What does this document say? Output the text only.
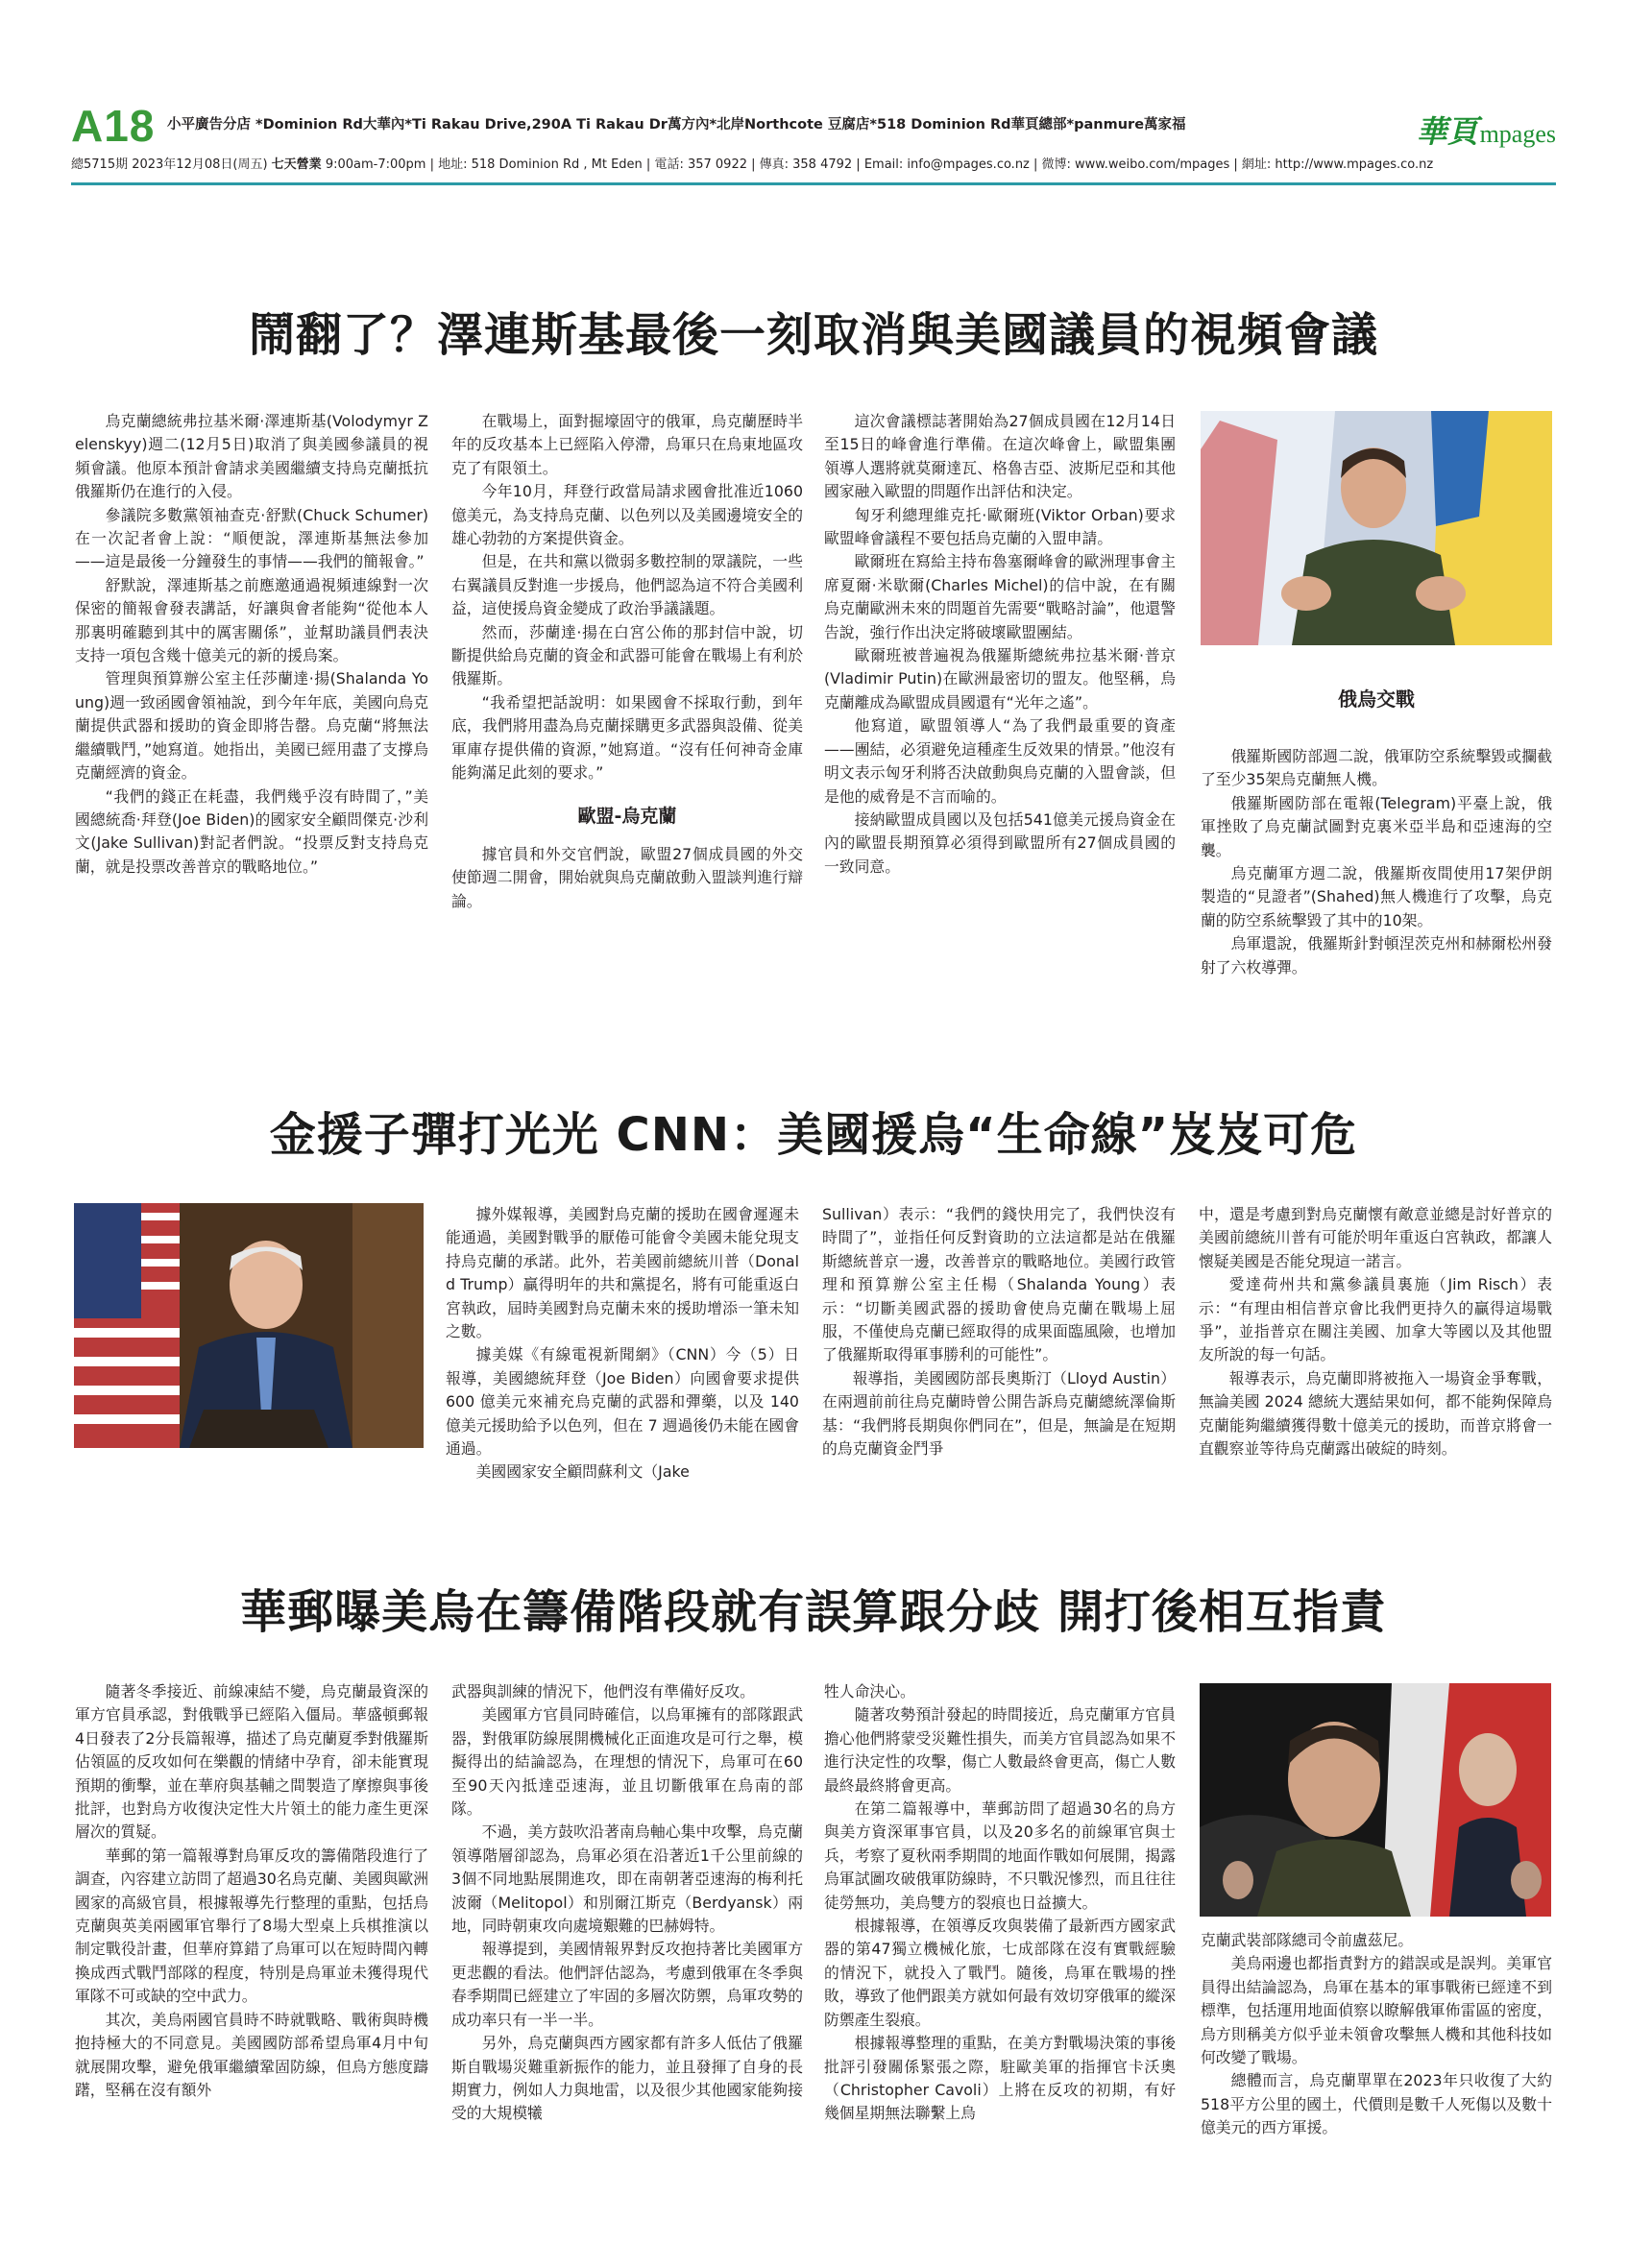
A18 小平廣告分店 *Dominion Rd大華內*Ti Rakau Drive,290A Ti Rakau Dr萬方內*北岸Northcote 豆腐店*518 Dominion Rd華頁總部*panmure萬家福
總5715期 2023年12月08日(周五) 七天營業 9:00am-7:00pm | 地址: 518 Dominion Rd , Mt Eden | 電話: 357 0922 | 傳真: 358 4792 | Email: info@mpages.co.nz | 微博: www.weibo.com/mpages | 網址: http://www.mpages.co.nz
華頁 mpages
鬧翻了？澤連斯基最後一刻取消與美國議員的視頻會議

烏克蘭總統弗拉基米爾·澤連斯基(Volodymyr Zelenskyy)週二(12月5日)取消了與美國參議員的視頻會議。他原本預計會請求美國繼續支持烏克蘭抵抗俄羅斯仍在進行的入侵。

參議院多數黨領袖查克·舒默(Chuck Schumer)在一次記者會上說：“順便說，澤連斯基無法參加——這是最後一分鐘發生的事情——我們的簡報會。”

舒默說，澤連斯基之前應邀通過視頻連線對一次保密的簡報會發表講話，好讓與會者能夠“從他本人那裏明確聽到其中的厲害關係”，並幫助議員們表決支持一項包含幾十億美元的新的援烏案。

管理與預算辦公室主任莎蘭達·揚(Shalanda Young)週一致函國會領袖說，到今年年底，美國向烏克蘭提供武器和援助的資金即將告罄。烏克蘭“將無法繼續戰鬥，”她寫道。她指出，美國已經用盡了支撐烏克蘭經濟的資金。

“我們的錢正在耗盡，我們幾乎沒有時間了，”美國總統喬·拜登(Joe Biden)的國家安全顧問傑克·沙利文(Jake Sullivan)對記者們說。“投票反對支持烏克蘭，就是投票改善普京的戰略地位。”

在戰場上，面對掘壕固守的俄軍，烏克蘭歷時半年的反攻基本上已經陷入停滯，烏軍只在烏東地區攻克了有限領土。

今年10月，拜登行政當局請求國會批准近1060億美元，為支持烏克蘭、以色列以及美國邊境安全的雄心勃勃的方案提供資金。

但是，在共和黨以微弱多數控制的眾議院，一些右翼議員反對進一步援烏，他們認為這不符合美國利益，這使援烏資金變成了政治爭議議題。

然而，莎蘭達·揚在白宮公佈的那封信中說，切斷提供給烏克蘭的資金和武器可能會在戰場上有利於俄羅斯。

“我希望把話說明：如果國會不採取行動，到年底，我們將用盡為烏克蘭採購更多武器與設備、從美軍庫存提供備的資源，”她寫道。“沒有任何神奇金庫能夠滿足此刻的要求。”

歐盟-烏克蘭

據官員和外交官們說，歐盟27個成員國的外交使節週二開會，開始就與烏克蘭啟動入盟談判進行辯論。

這次會議標誌著開始為27個成員國在12月14日至15日的峰會進行準備。在這次峰會上，歐盟集團領導人選將就莫爾達瓦、格魯吉亞、波斯尼亞和其他國家融入歐盟的問題作出評估和決定。

匈牙利總理維克托·歐爾班(Viktor Orban)要求歐盟峰會議程不要包括烏克蘭的入盟申請。

歐爾班在寫給主持布魯塞爾峰會的歐洲理事會主席夏爾·米歇爾(Charles Michel)的信中說，在有關烏克蘭歐洲未來的問題首先需要“戰略討論”，他還警告說，強行作出決定將破壞歐盟團結。

歐爾班被普遍視為俄羅斯總統弗拉基米爾·普京(Vladimir Putin)在歐洲最密切的盟友。他堅稱，烏克蘭離成為歐盟成員國還有“光年之遙”。

他寫道，歐盟領導人“為了我們最重要的資產——團結，必須避免這種產生反效果的情景。”他沒有明文表示匈牙利將否決啟動與烏克蘭的入盟會談，但是他的威脅是不言而喻的。

接納歐盟成員國以及包括541億美元援烏資金在內的歐盟長期預算必須得到歐盟所有27個成員國的一致同意。

俄烏交戰

俄羅斯國防部週二說，俄軍防空系統擊毀或攔截了至少35架烏克蘭無人機。

俄羅斯國防部在電報(Telegram)平臺上說，俄軍挫敗了烏克蘭試圖對克裏米亞半島和亞速海的空襲。

烏克蘭軍方週二說，俄羅斯夜間使用17架伊朗製造的“見證者”(Shahed)無人機進行了攻擊，烏克蘭的防空系統擊毀了其中的10架。

烏軍還說，俄羅斯針對頓涅茨克州和赫爾松州發射了六枚導彈。

金援子彈打光光 CNN：美國援烏“生命線”岌岌可危

據外媒報導，美國對烏克蘭的援助在國會遲遲未能通過，美國對戰爭的厭倦可能會令美國未能兌現支持烏克蘭的承諾。此外，若美國前總統川普（Donald Trump）贏得明年的共和黨提名，將有可能重返白宮執政，屆時美國對烏克蘭未來的援助增添一筆未知之數。

據美媒《有線電視新聞網》（CNN）今（5）日報導，美國總統拜登（Joe Biden）向國會要求提供 600 億美元來補充烏克蘭的武器和彈藥，以及 140 億美元援助給予以色列，但在 7 週過後仍未能在國會通過。

美國國家安全顧問蘇利文（Jake

Sullivan）表示：“我們的錢快用完了，我們快沒有時間了”，並指任何反對資助的立法這都是站在俄羅斯總統普京一邊，改善普京的戰略地位。美國行政管理和預算辦公室主任楊（Shalanda Young）表示：“切斷美國武器的援助會使烏克蘭在戰場上屈服，不僅使烏克蘭已經取得的成果面臨風險，也增加了俄羅斯取得軍事勝利的可能性”。

報導指，美國國防部長奧斯汀（Lloyd Austin）在兩週前前往烏克蘭時曾公開告訴烏克蘭總統澤倫斯基：“我們將長期與你們同在”，但是，無論是在短期的烏克蘭資金鬥爭

中，還是考慮到對烏克蘭懷有敵意並總是討好普京的美國前總統川普有可能於明年重返白宮執政，都讓人懷疑美國是否能兌現這一諾言。

愛達荷州共和黨參議員裏施（Jim Risch）表示：“有理由相信普京會比我們更持久的贏得這場戰爭”，並指普京在關注美國、加拿大等國以及其他盟友所說的每一句話。

報導表示，烏克蘭即將被拖入一場資金爭奪戰，無論美國 2024 總統大選結果如何，都不能夠保障烏克蘭能夠繼續獲得數十億美元的援助，而普京將會一直觀察並等待烏克蘭露出破綻的時刻。

華郵曝美烏在籌備階段就有誤算跟分歧 開打後相互指責

隨著冬季接近、前線凍結不變，烏克蘭最資深的軍方官員承認，對俄戰爭已經陷入僵局。華盛頓郵報4日發表了2分長篇報導，描述了烏克蘭夏季對俄羅斯佔領區的反攻如何在樂觀的情緒中孕育，卻未能實現預期的衝擊，並在華府與基輔之間製造了摩擦與事後批評，也對烏方收復決定性大片領土的能力產生更深層次的質疑。

華郵的第一篇報導對烏軍反攻的籌備階段進行了調查，內容建立訪問了超過30名烏克蘭、美國與歐洲國家的高級官員，根據報導先行整理的重點，包括烏克蘭與英美兩國軍官舉行了8場大型桌上兵棋推演以制定戰役計畫，但華府算錯了烏軍可以在短時間內轉換成西式戰鬥部隊的程度，特別是烏軍並未獲得現代軍隊不可或缺的空中武力。

其次，美烏兩國官員時不時就戰略、戰術與時機抱持極大的不同意見。美國國防部希望烏軍4月中旬就展開攻擊，避免俄軍繼續鞏固防線，但烏方態度躊躇，堅稱在沒有額外

武器與訓練的情況下，他們沒有準備好反攻。

美國軍方官員同時確信，以烏軍擁有的部隊跟武器，對俄軍防線展開機械化正面進攻是可行之舉，模擬得出的結論認為，在理想的情況下，烏軍可在60至90天內抵達亞速海，並且切斷俄軍在烏南的部隊。

不過，美方鼓吹沿著南烏軸心集中攻擊，烏克蘭領導階層卻認為，烏軍必須在沿著近1千公里前線的3個不同地點展開進攻，即在南朝著亞速海的梅利托波爾（Melitopol）和別爾江斯克（Berdyansk）兩地，同時朝東攻向處境艱難的巴赫姆特。

報導提到，美國情報界對反攻抱持著比美國軍方更悲觀的看法。他們評估認為，考慮到俄軍在冬季與春季期間已經建立了牢固的多層次防禦，烏軍攻勢的成功率只有一半一半。

另外，烏克蘭與西方國家都有許多人低估了俄羅斯自戰場災難重新振作的能力，並且發揮了自身的長期實力，例如人力與地雷，以及很少其他國家能夠接受的大規模犧

牲人命決心。

隨著攻勢預計發起的時間接近，烏克蘭軍方官員擔心他們將蒙受災難性損失，而美方官員認為如果不進行決定性的攻擊，傷亡人數最終會更高，傷亡人數最終最終將會更高。

在第二篇報導中，華郵訪問了超過30名的烏方與美方資深軍事官員，以及20多名的前線軍官與士兵，考察了夏秋兩季期間的地面作戰如何展開，揭露烏軍試圖攻破俄軍防線時，不只戰況慘烈，而且往往徒勞無功，美烏雙方的裂痕也日益擴大。

根據報導，在領導反攻與裝備了最新西方國家武器的第47獨立機械化旅，七成部隊在沒有實戰經驗的情況下，就投入了戰鬥。隨後，烏軍在戰場的挫敗，導致了他們跟美方就如何最有效切穿俄軍的縱深防禦產生裂痕。

根據報導整理的重點，在美方對戰場決策的事後批評引發關係緊張之際，駐歐美軍的指揮官卡沃奧（Christopher Cavoli）上將在反攻的初期，有好幾個星期無法聯繫上烏

克蘭武裝部隊總司令前盧茲尼。

美烏兩邊也都指責對方的錯誤或是誤判。美軍官員得出結論認為，烏軍在基本的軍事戰術已經達不到標準，包括運用地面偵察以瞭解俄軍佈雷區的密度，烏方則稱美方似乎並未領會攻擊無人機和其他科技如何改變了戰場。

總體而言，烏克蘭單單在2023年只收復了大約518平方公里的國土，代價則是數千人死傷以及數十億美元的西方軍援。
